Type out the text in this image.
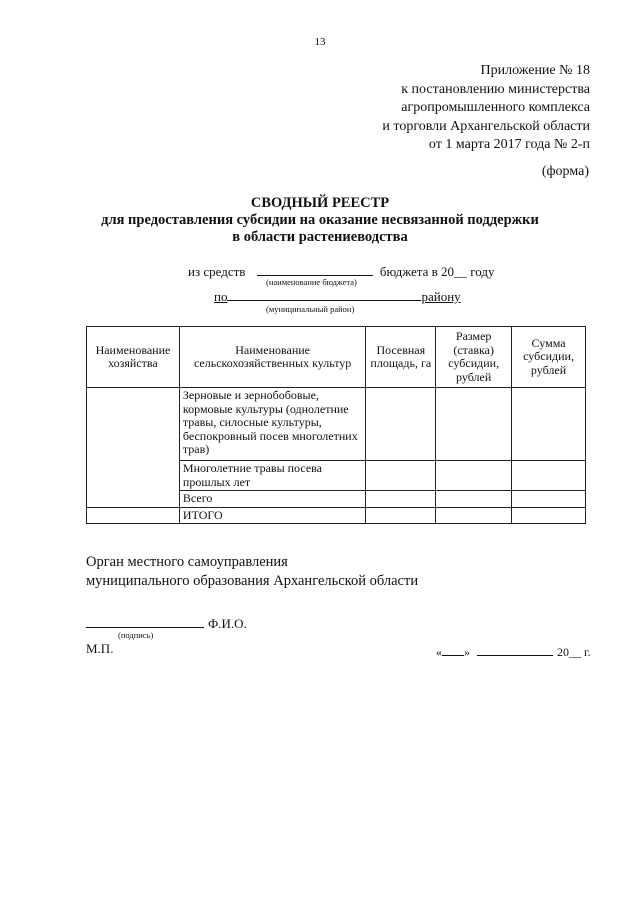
13
Приложение № 18
к постановлению министерства
агропромышленного комплекса
и торговли Архангельской области
от 1 марта 2017 года № 2-п
(форма)
СВОДНЫЙ РЕЕСТР
для предоставления субсидии на оказание несвязанной поддержки
в области растениеводства
из средств	бюджета в 20__ году
(наименование бюджета)
по	району
(муниципальный район)
Наименование хозяйства	Наименование сельскохозяйственных культур	Посевная площадь, га	Размер (ставка) субсидии, рублей	Сумма субсидии, рублей
	Зерновые и зернобобовые, кормовые культуры (однолетние травы, силосные культуры, беспокровный посев многолетних трав)			
	Многолетние травы посева прошлых лет			
	Всего			
	ИТОГО			
Орган местного самоуправления
муниципального образования Архангельской области
Ф.И.О.
(подпись)
М.П.	« »	20__ г.
